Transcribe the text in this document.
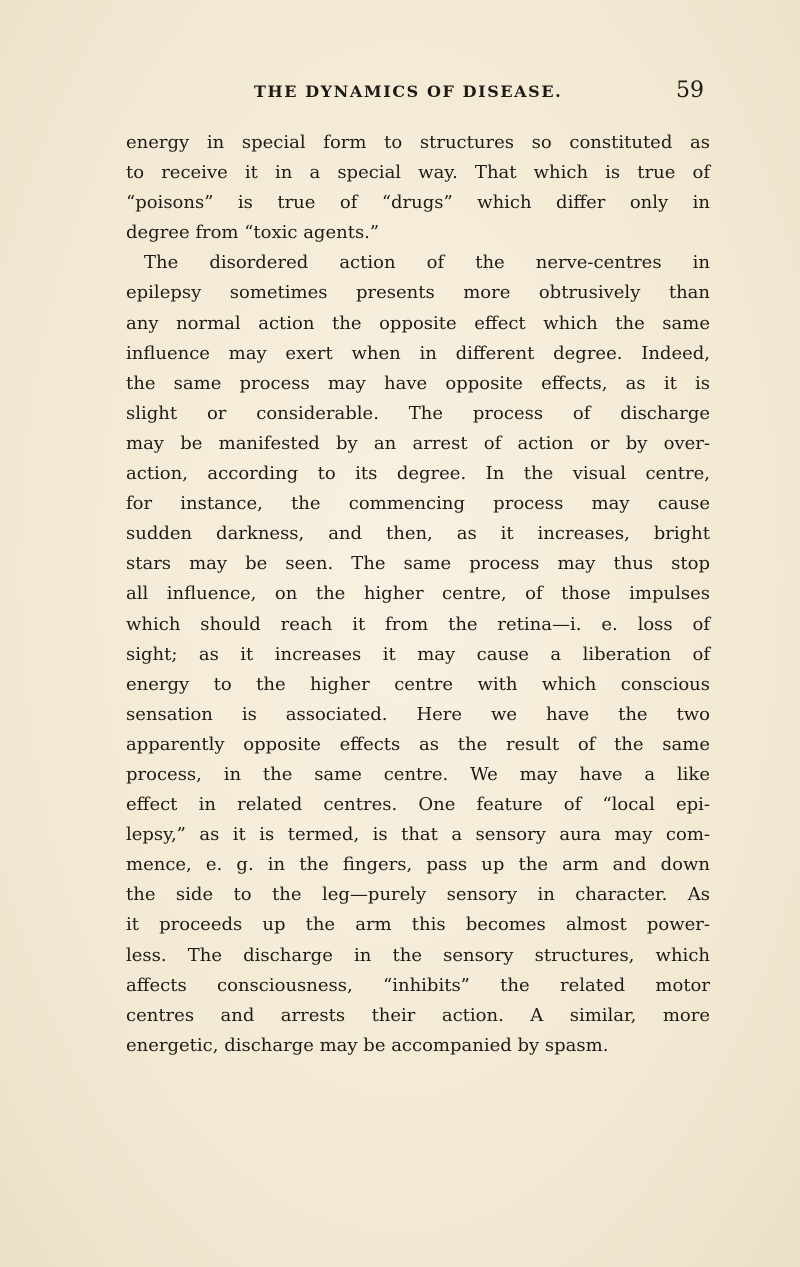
THE DYNAMICS OF DISEASE.	59
energy in special form to structures so constituted as
to receive it in a special way. That which is true of
“poisons” is true of “drugs” which differ only in
degree from “toxic agents.”
The disordered action of the nerve-centres in
epilepsy sometimes presents more obtrusively than
any normal action the opposite effect which the same
influence may exert when in different degree. Indeed,
the same process may have opposite effects, as it is
slight or considerable. The process of discharge
may be manifested by an arrest of action or by over-
action, according to its degree. In the visual centre,
for instance, the commencing process may cause
sudden darkness, and then, as it increases, bright
stars may be seen. The same process may thus stop
all influence, on the higher centre, of those impulses
which should reach it from the retina—i. e. loss of
sight; as it increases it may cause a liberation of
energy to the higher centre with which conscious
sensation is associated. Here we have the two
apparently opposite effects as the result of the same
process, in the same centre. We may have a like
effect in related centres. One feature of “local epi-
lepsy,” as it is termed, is that a sensory aura may com-
mence, e. g. in the fingers, pass up the arm and down
the side to the leg—purely sensory in character. As
it proceeds up the arm this becomes almost power-
less. The discharge in the sensory structures, which
affects consciousness, “inhibits” the related motor
centres and arrests their action. A similar, more
energetic, discharge may be accompanied by spasm.
